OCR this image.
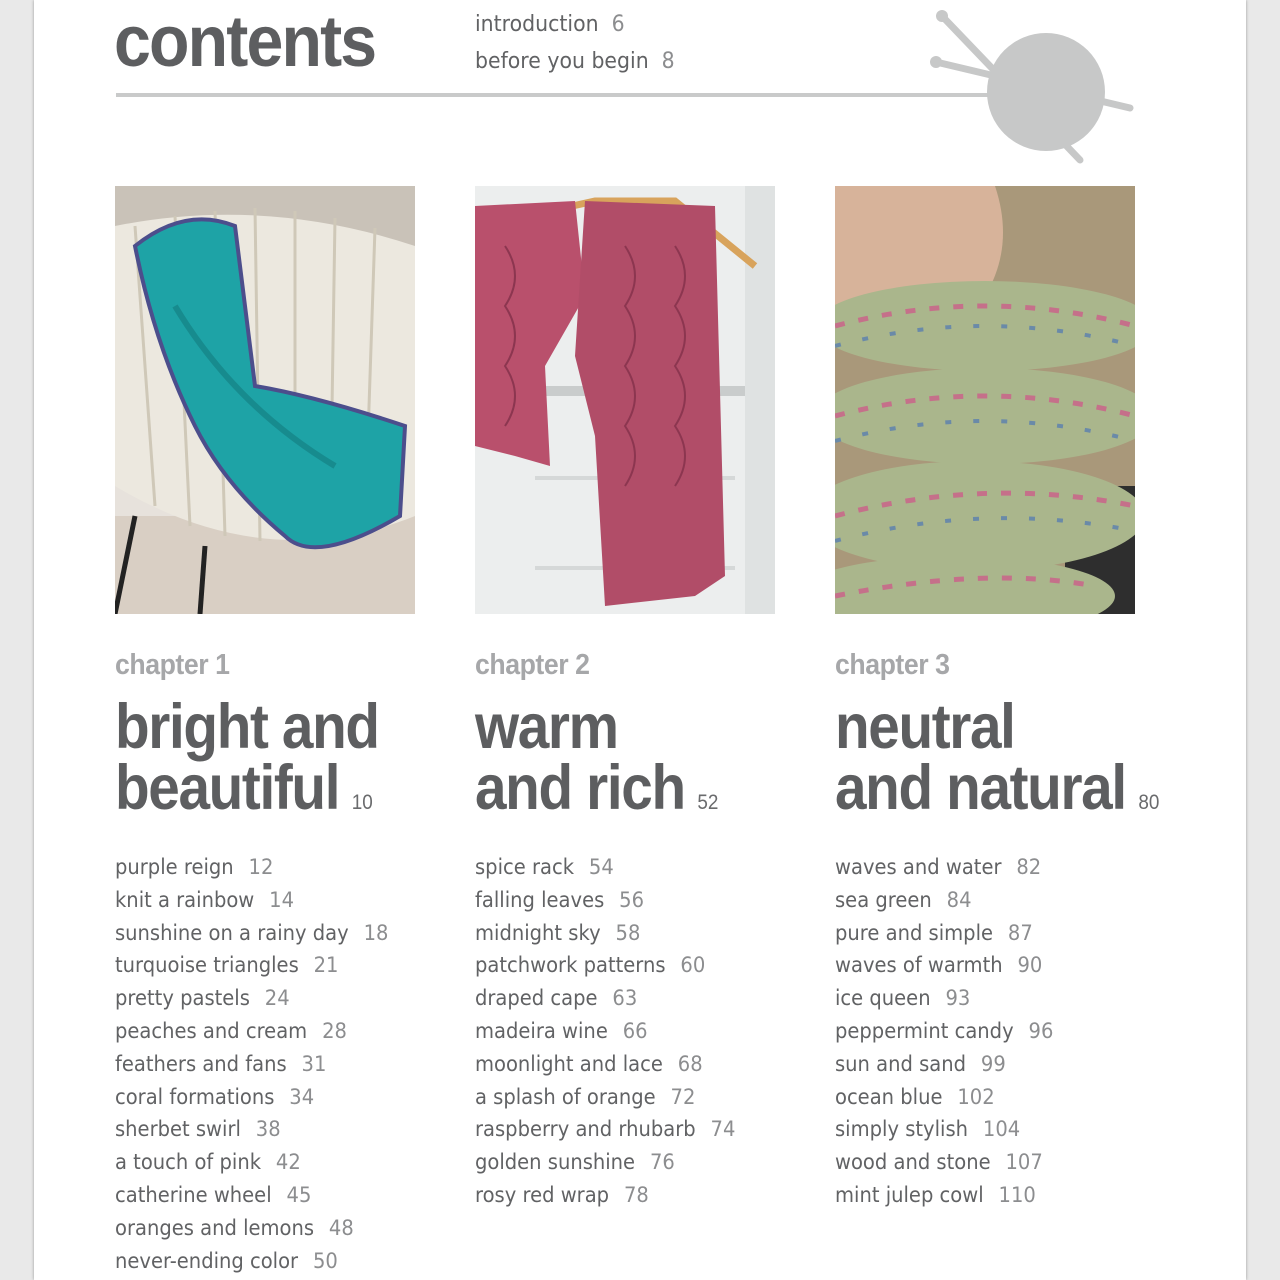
contents	introduction 6
before you begin 8
chapter 1
bright and
beautiful 10
purple reign 12
knit a rainbow 14
sunshine on a rainy day 18
turquoise triangles 21
pretty pastels 24
peaches and cream 28
feathers and fans 31
coral formations 34
sherbet swirl 38
a touch of pink 42
catherine wheel 45
oranges and lemons 48
never-ending color 50
chapter 2
warm
and rich 52
spice rack 54
falling leaves 56
midnight sky 58
patchwork patterns 60
draped cape 63
madeira wine 66
moonlight and lace 68
a splash of orange 72
raspberry and rhubarb 74
golden sunshine 76
rosy red wrap 78
chapter 3
neutral
and natural 80
waves and water 82
sea green 84
pure and simple 87
waves of warmth 90
ice queen 93
peppermint candy 96
sun and sand 99
ocean blue 102
simply stylish 104
wood and stone 107
mint julep cowl 110
